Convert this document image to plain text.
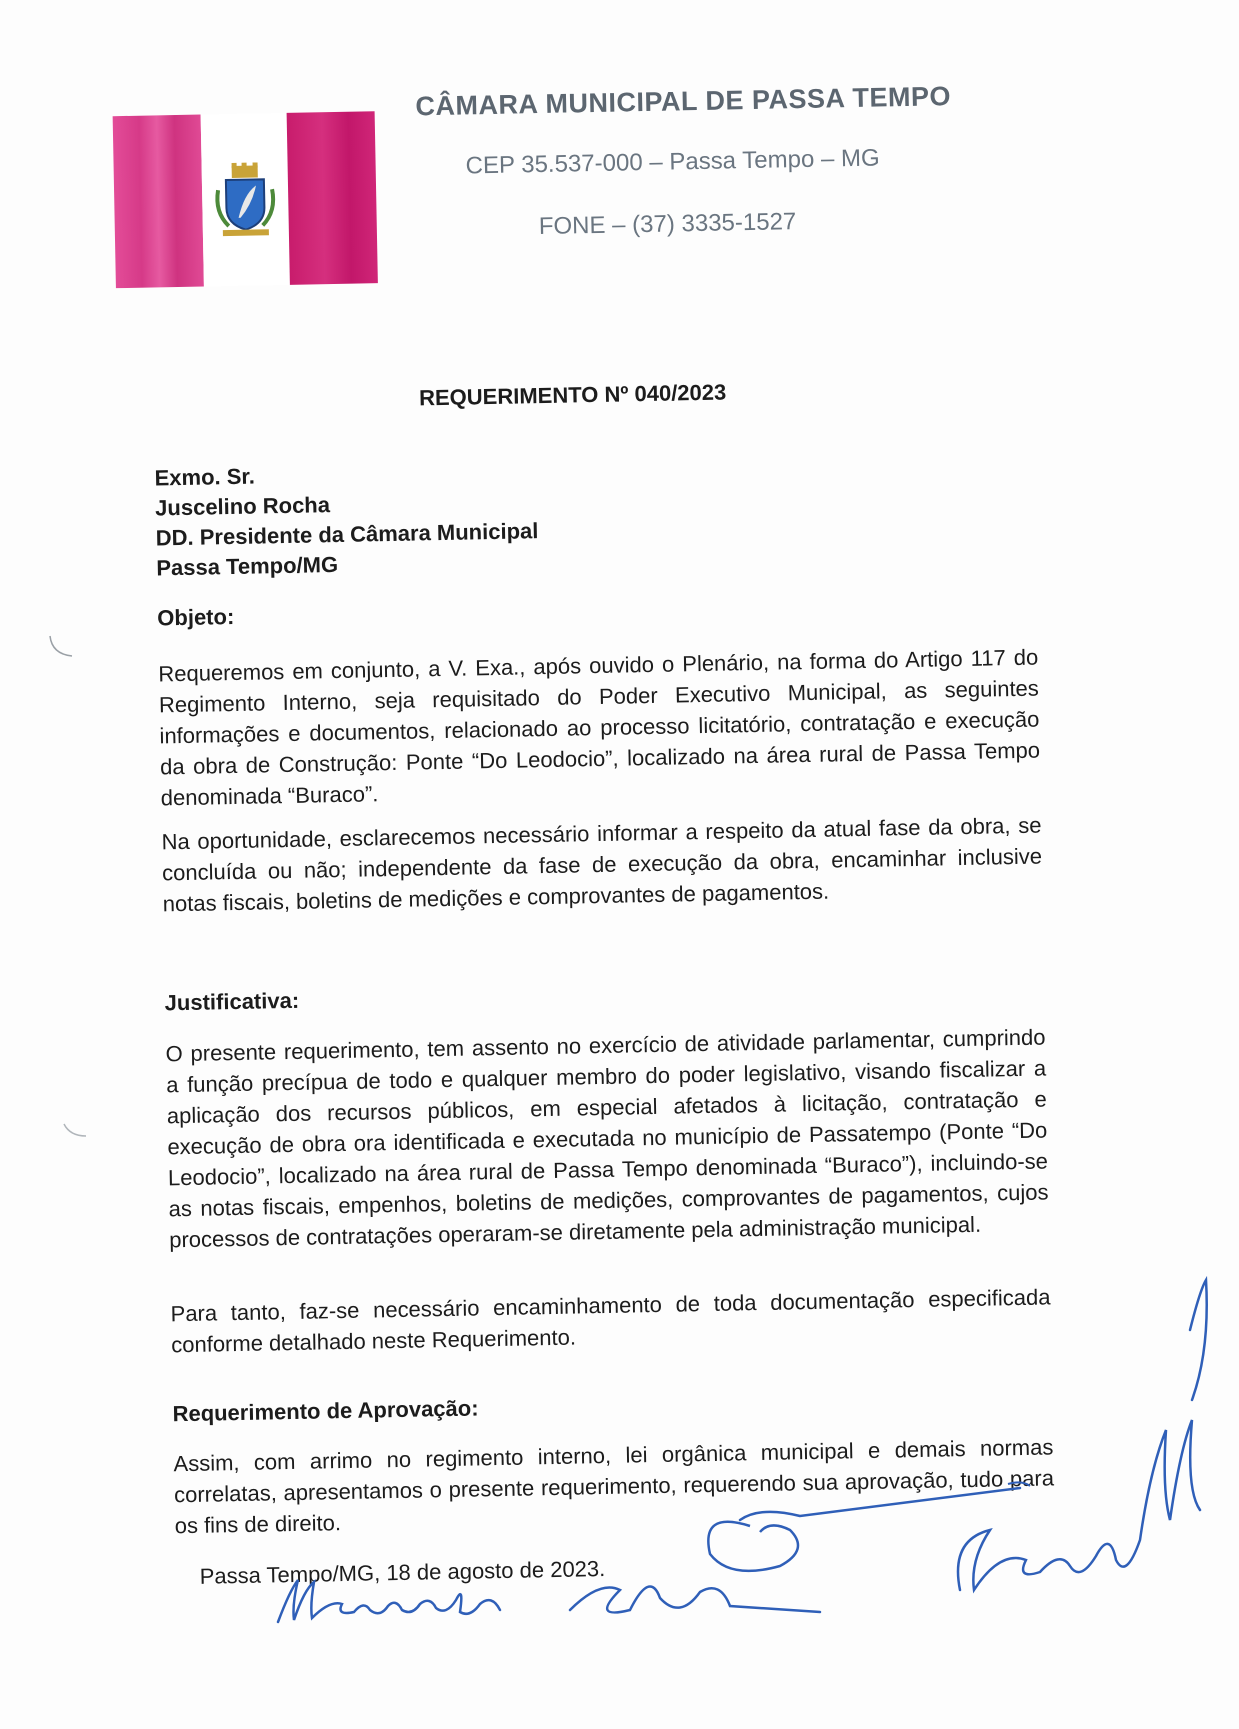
CÂMARA MUNICIPAL DE PASSA TEMPO
CEP 35.537-000 – Passa Tempo – MG
FONE – (37) 3335-1527
REQUERIMENTO Nº 040/2023
Exmo. Sr.
Juscelino Rocha
DD. Presidente da Câmara Municipal
Passa Tempo/MG
Objeto:
Requeremos em conjunto, a V. Exa., após ouvido o Plenário, na forma do Artigo 117 do Regimento Interno, seja requisitado do Poder Executivo Municipal, as seguintes informações e documentos, relacionado ao processo licitatório, contratação e execução da obra de Construção: Ponte “Do Leodocio”, localizado na área rural de Passa Tempo denominada “Buraco”.
Na oportunidade, esclarecemos necessário informar a respeito da atual fase da obra, se concluída ou não; independente da fase de execução da obra, encaminhar inclusive notas fiscais, boletins de medições e comprovantes de pagamentos.
Justificativa:
O presente requerimento, tem assento no exercício de atividade parlamentar, cumprindo a função precípua de todo e qualquer membro do poder legislativo, visando fiscalizar a aplicação dos recursos públicos, em especial afetados à licitação, contratação e execução de obra ora identificada e executada no município de Passatempo (Ponte “Do Leodocio”, localizado na área rural de Passa Tempo denominada “Buraco”), incluindo-se as notas fiscais, empenhos, boletins de medições, comprovantes de pagamentos, cujos processos de contratações operaram-se diretamente pela administração municipal.
Para tanto, faz-se necessário encaminhamento de toda documentação especificada conforme detalhado neste Requerimento.
Requerimento de Aprovação:
Assim, com arrimo no regimento interno, lei orgânica municipal e demais normas correlatas, apresentamos o presente requerimento, requerendo sua aprovação, tudo para os fins de direito.
Passa Tempo/MG, 18 de agosto de 2023.
